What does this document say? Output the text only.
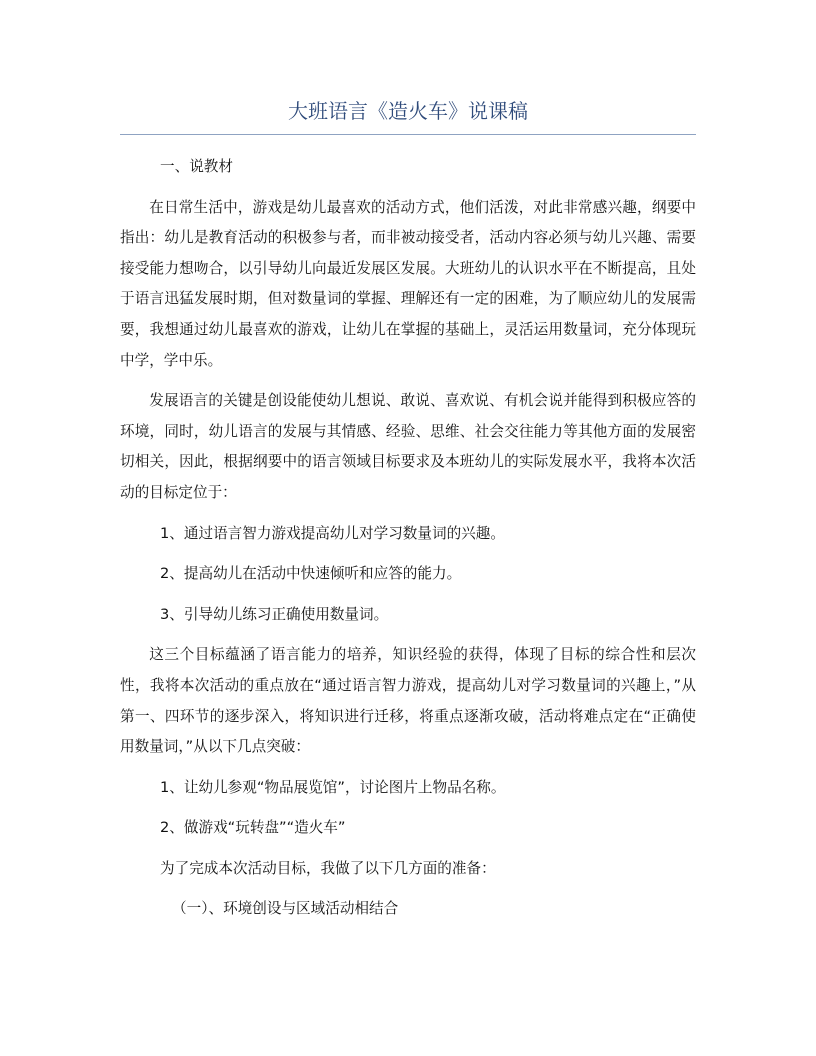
大班语言《造火车》说课稿

一、说教材

在日常生活中，游戏是幼儿最喜欢的活动方式，他们活泼，对此非常感兴趣，纲要中指出：幼儿是教育活动的积极参与者，而非被动接受者，活动内容必须与幼儿兴趣、需要接受能力想吻合，以引导幼儿向最近发展区发展。大班幼儿的认识水平在不断提高，且处于语言迅猛发展时期，但对数量词的掌握、理解还有一定的困难，为了顺应幼儿的发展需要，我想通过幼儿最喜欢的游戏，让幼儿在掌握的基础上，灵活运用数量词，充分体现玩中学，学中乐。

发展语言的关键是创设能使幼儿想说、敢说、喜欢说、有机会说并能得到积极应答的环境，同时，幼儿语言的发展与其情感、经验、思维、社会交往能力等其他方面的发展密切相关，因此，根据纲要中的语言领域目标要求及本班幼儿的实际发展水平，我将本次活动的目标定位于：

1、通过语言智力游戏提高幼儿对学习数量词的兴趣。

2、提高幼儿在活动中快速倾听和应答的能力。

3、引导幼儿练习正确使用数量词。

这三个目标蕴涵了语言能力的培养，知识经验的获得，体现了目标的综合性和层次性，我将本次活动的重点放在“通过语言智力游戏，提高幼儿对学习数量词的兴趣上，”从第一、四环节的逐步深入，将知识进行迁移，将重点逐渐攻破，活动将难点定在“正确使用数量词，”从以下几点突破：

1、让幼儿参观“物品展览馆”，讨论图片上物品名称。

2、做游戏“玩转盘”“造火车”

为了完成本次活动目标，我做了以下几方面的准备：

（一）、环境创设与区域活动相结合
